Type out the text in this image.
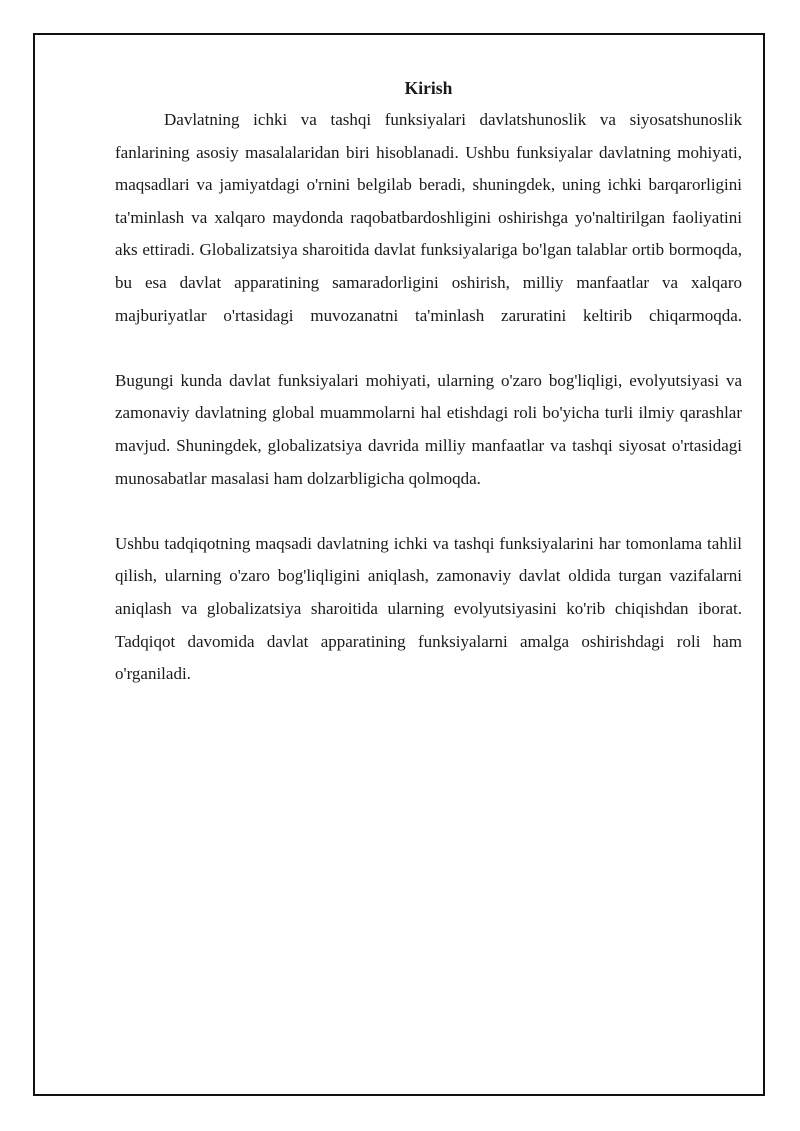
Kirish

Davlatning ichki va tashqi funksiyalari davlatshunoslik va siyosatshunoslik fanlarining asosiy masalalaridan biri hisoblanadi. Ushbu funksiyalar davlatning mohiyati, maqsadlari va jamiyatdagi o'rnini belgilab beradi, shuningdek, uning ichki barqarorligini ta'minlash va xalqaro maydonda raqobatbardoshligini oshirishga yo'naltirilgan faoliyatini aks ettiradi. Globalizatsiya sharoitida davlat funksiyalariga bo'lgan talablar ortib bormoqda, bu esa davlat apparatining samaradorligini oshirish, milliy manfaatlar va xalqaro majburiyatlar o'rtasidagi muvozanatni ta'minlash zaruratini keltirib chiqarmoqda.

Bugungi kunda davlat funksiyalari mohiyati, ularning o'zaro bog'liqligi, evolyutsiyasi va zamonaviy davlatning global muammolarni hal etishdagi roli bo'yicha turli ilmiy qarashlar mavjud. Shuningdek, globalizatsiya davrida milliy manfaatlar va tashqi siyosat o'rtasidagi munosabatlar masalasi ham dolzarbligicha qolmoqda.

Ushbu tadqiqotning maqsadi davlatning ichki va tashqi funksiyalarini har tomonlama tahlil qilish, ularning o'zaro bog'liqligini aniqlash, zamonaviy davlat oldida turgan vazifalarni aniqlash va globalizatsiya sharoitida ularning evolyutsiyasini ko'rib chiqishdan iborat. Tadqiqot davomida davlat apparatining funksiyalarni amalga oshirishdagi roli ham o'rganiladi.
